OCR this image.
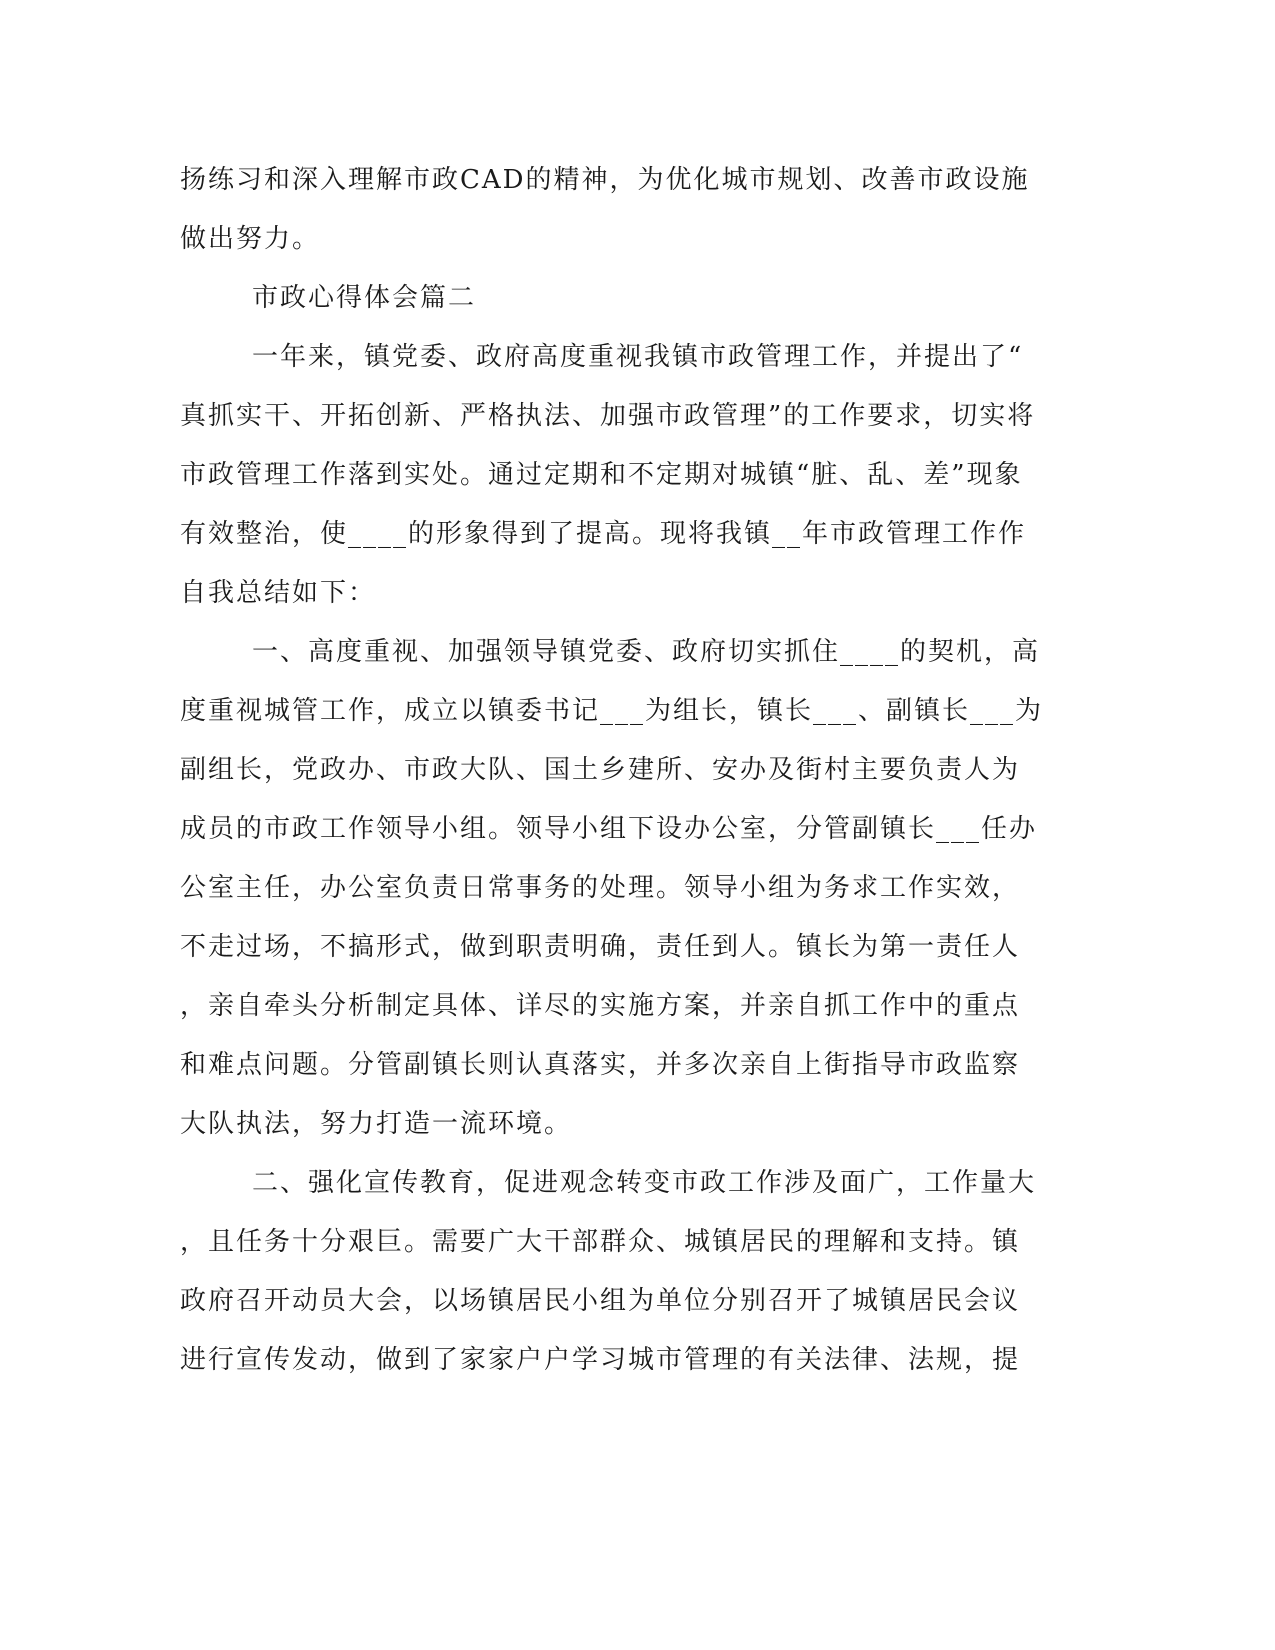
扬练习和深入理解市政CAD的精神，为优化城市规划、改善市政设施
做出努力。
市政心得体会篇二
一年来，镇党委、政府高度重视我镇市政管理工作，并提出了“
真抓实干、开拓创新、严格执法、加强市政管理”的工作要求，切实将
市政管理工作落到实处。通过定期和不定期对城镇“脏、乱、差”现象
有效整治，使____的形象得到了提高。现将我镇__年市政管理工作作
自我总结如下：
一、高度重视、加强领导镇党委、政府切实抓住____的契机，高
度重视城管工作，成立以镇委书记___为组长，镇长___、副镇长___为
副组长，党政办、市政大队、国土乡建所、安办及街村主要负责人为
成员的市政工作领导小组。领导小组下设办公室，分管副镇长___任办
公室主任，办公室负责日常事务的处理。领导小组为务求工作实效，
不走过场，不搞形式，做到职责明确，责任到人。镇长为第一责任人
，亲自牵头分析制定具体、详尽的实施方案，并亲自抓工作中的重点
和难点问题。分管副镇长则认真落实，并多次亲自上街指导市政监察
大队执法，努力打造一流环境。
二、强化宣传教育，促进观念转变市政工作涉及面广，工作量大
，且任务十分艰巨。需要广大干部群众、城镇居民的理解和支持。镇
政府召开动员大会，以场镇居民小组为单位分别召开了城镇居民会议
进行宣传发动，做到了家家户户学习城市管理的有关法律、法规，提
